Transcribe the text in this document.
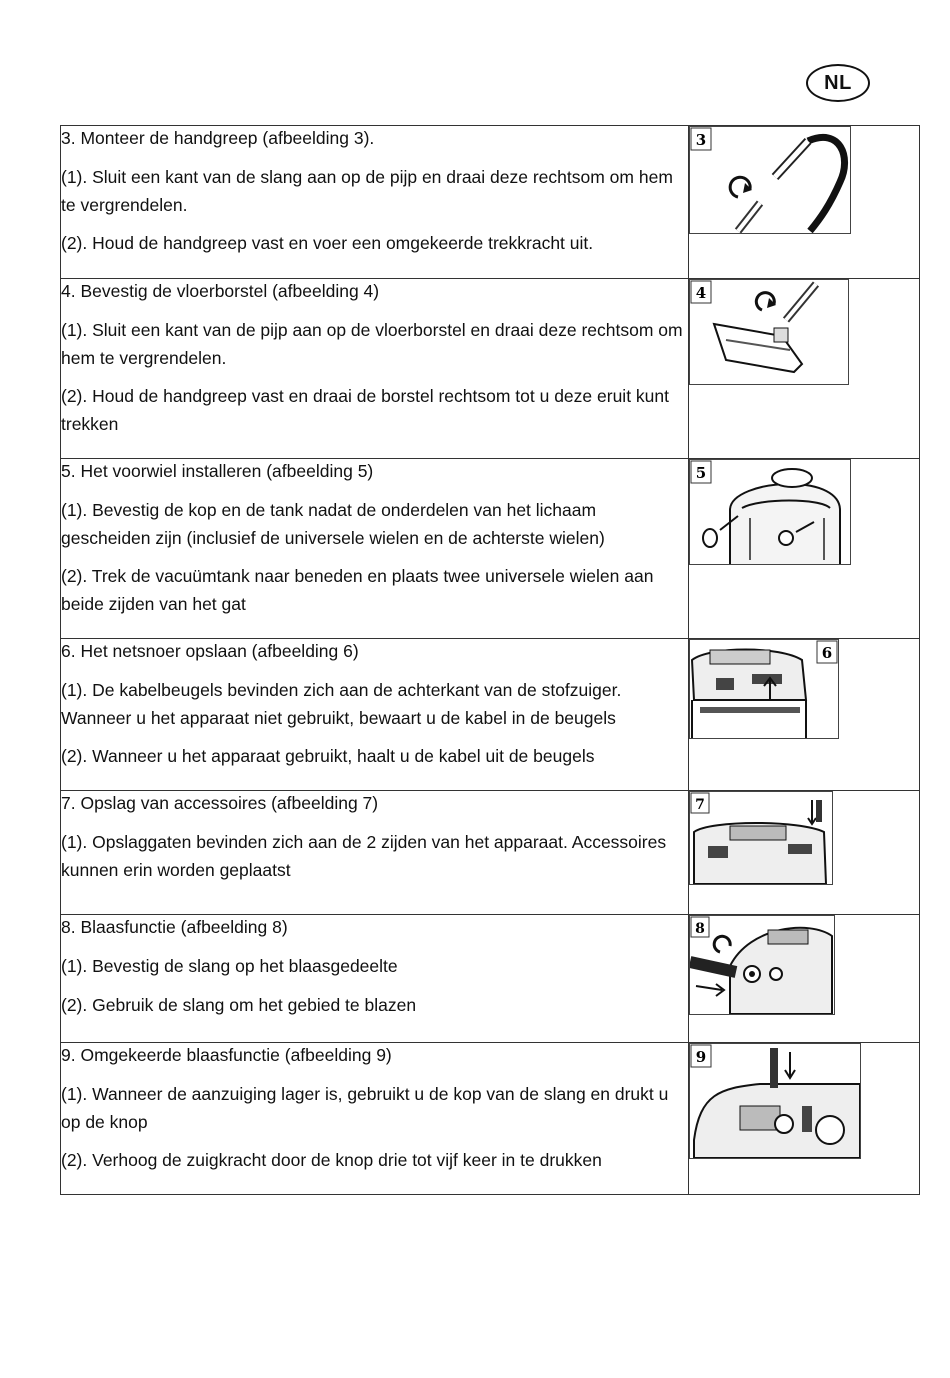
NL

3. Monteer de handgreep (afbeelding 3).

(1). Sluit een kant van de slang aan op de pijp en draai deze rechtsom om hem te vergrendelen.

(2). Houd de handgreep vast en voer een omgekeerde trekkracht uit.	3

4. Bevestig de vloerborstel (afbeelding 4)

(1). Sluit een kant van de pijp aan op de vloerborstel en draai deze rechtsom om hem te vergrendelen.

(2). Houd de handgreep vast en draai de borstel rechtsom tot u deze eruit kunt trekken	4

5. Het voorwiel installeren (afbeelding 5)

(1). Bevestig de kop en de tank nadat de onderdelen van het lichaam gescheiden zijn (inclusief de universele wielen en de achterste wielen)

(2). Trek de vacuümtank naar beneden en plaats twee universele wielen aan beide zijden van het gat	5

6. Het netsnoer opslaan (afbeelding 6)

(1). De kabelbeugels bevinden zich aan de achterkant van de stofzuiger. Wanneer u het apparaat niet gebruikt, bewaart u de kabel in de beugels

(2). Wanneer u het apparaat gebruikt, haalt u de kabel uit de beugels	6

7. Opslag van accessoires (afbeelding 7)

(1). Opslaggaten bevinden zich aan de 2 zijden van het apparaat. Accessoires kunnen erin worden geplaatst	7

8. Blaasfunctie (afbeelding 8)

(1). Bevestig de slang op het blaasgedeelte

(2). Gebruik de slang om het gebied te blazen	8

9. Omgekeerde blaasfunctie (afbeelding 9)

(1). Wanneer de aanzuiging lager is, gebruikt u de kop van de slang en drukt u op de knop

(2). Verhoog de zuigkracht door de knop drie tot vijf keer in te drukken	9
